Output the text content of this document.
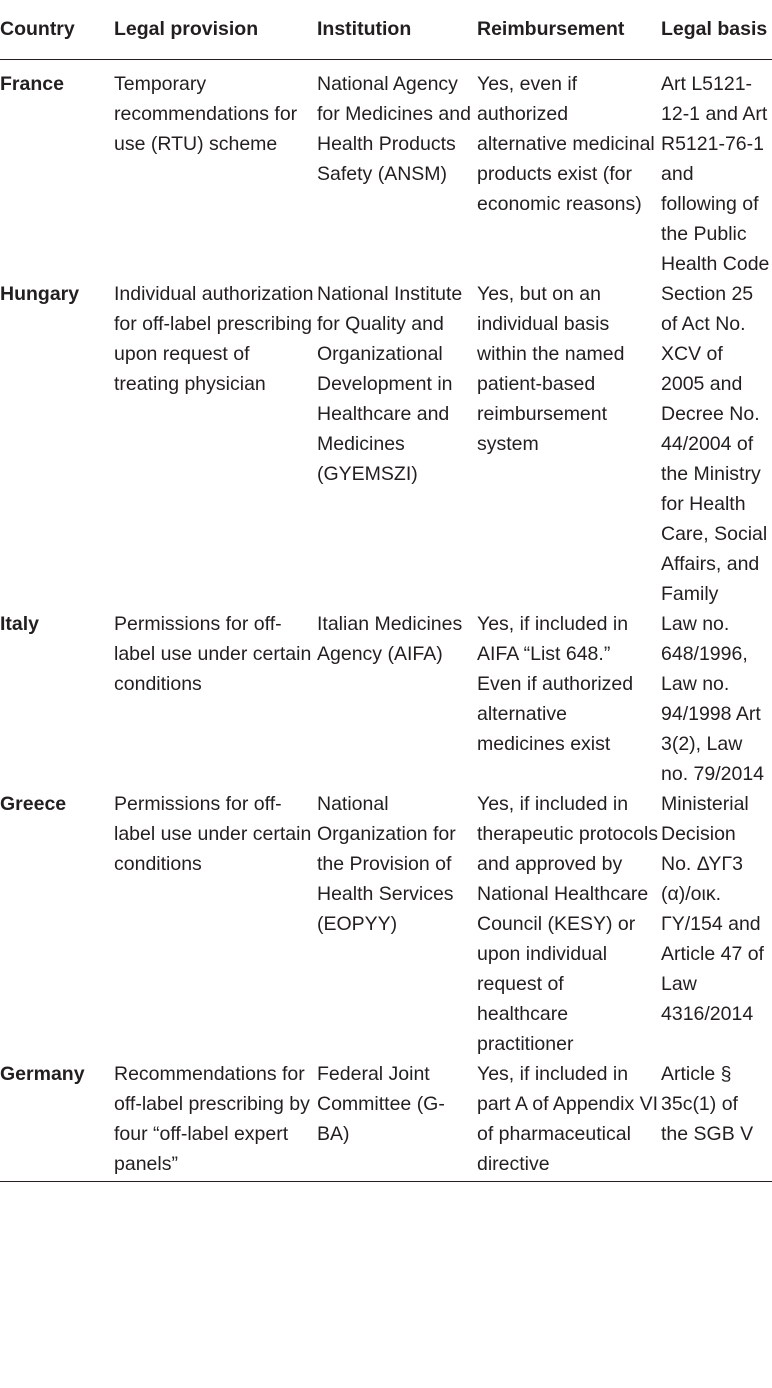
Country	Legal provision	Institution	Reimbursement	Legal basis
France	Temporary recommendations for use (RTU) scheme	National Agency for Medicines and Health Products Safety (ANSM)	Yes, even if authorized alternative medicinal products exist (for economic reasons)	Art L5121-12-1 and Art R5121-76-1 and following of the Public Health Code
Hungary	Individual authorization for off-label prescribing upon request of treating physician	National Institute for Quality and Organizational Development in Healthcare and Medicines (GYEMSZI)	Yes, but on an individual basis within the named patient-based reimbursement system	Section 25 of Act No. XCV of 2005 and Decree No. 44/2004 of the Ministry for Health Care, Social Affairs, and Family
Italy	Permissions for off-label use under certain conditions	Italian Medicines Agency (AIFA)	Yes, if included in AIFA “List 648.” Even if authorized alternative medicines exist	Law no. 648/1996, Law no. 94/1998 Art 3(2), Law no. 79/2014
Greece	Permissions for off-label use under certain conditions	National Organization for the Provision of Health Services (EOPYY)	Yes, if included in therapeutic protocols and approved by National Healthcare Council (KESY) or upon individual request of healthcare practitioner	Ministerial Decision No. ΔΥΓ3 (α)/οικ. ΓΥ/154 and Article 47 of Law 4316/2014
Germany	Recommendations for off-label prescribing by four “off-label expert panels”	Federal Joint Committee (G-BA)	Yes, if included in part A of Appendix VI of pharmaceutical directive	Article § 35c(1) of the SGB V
